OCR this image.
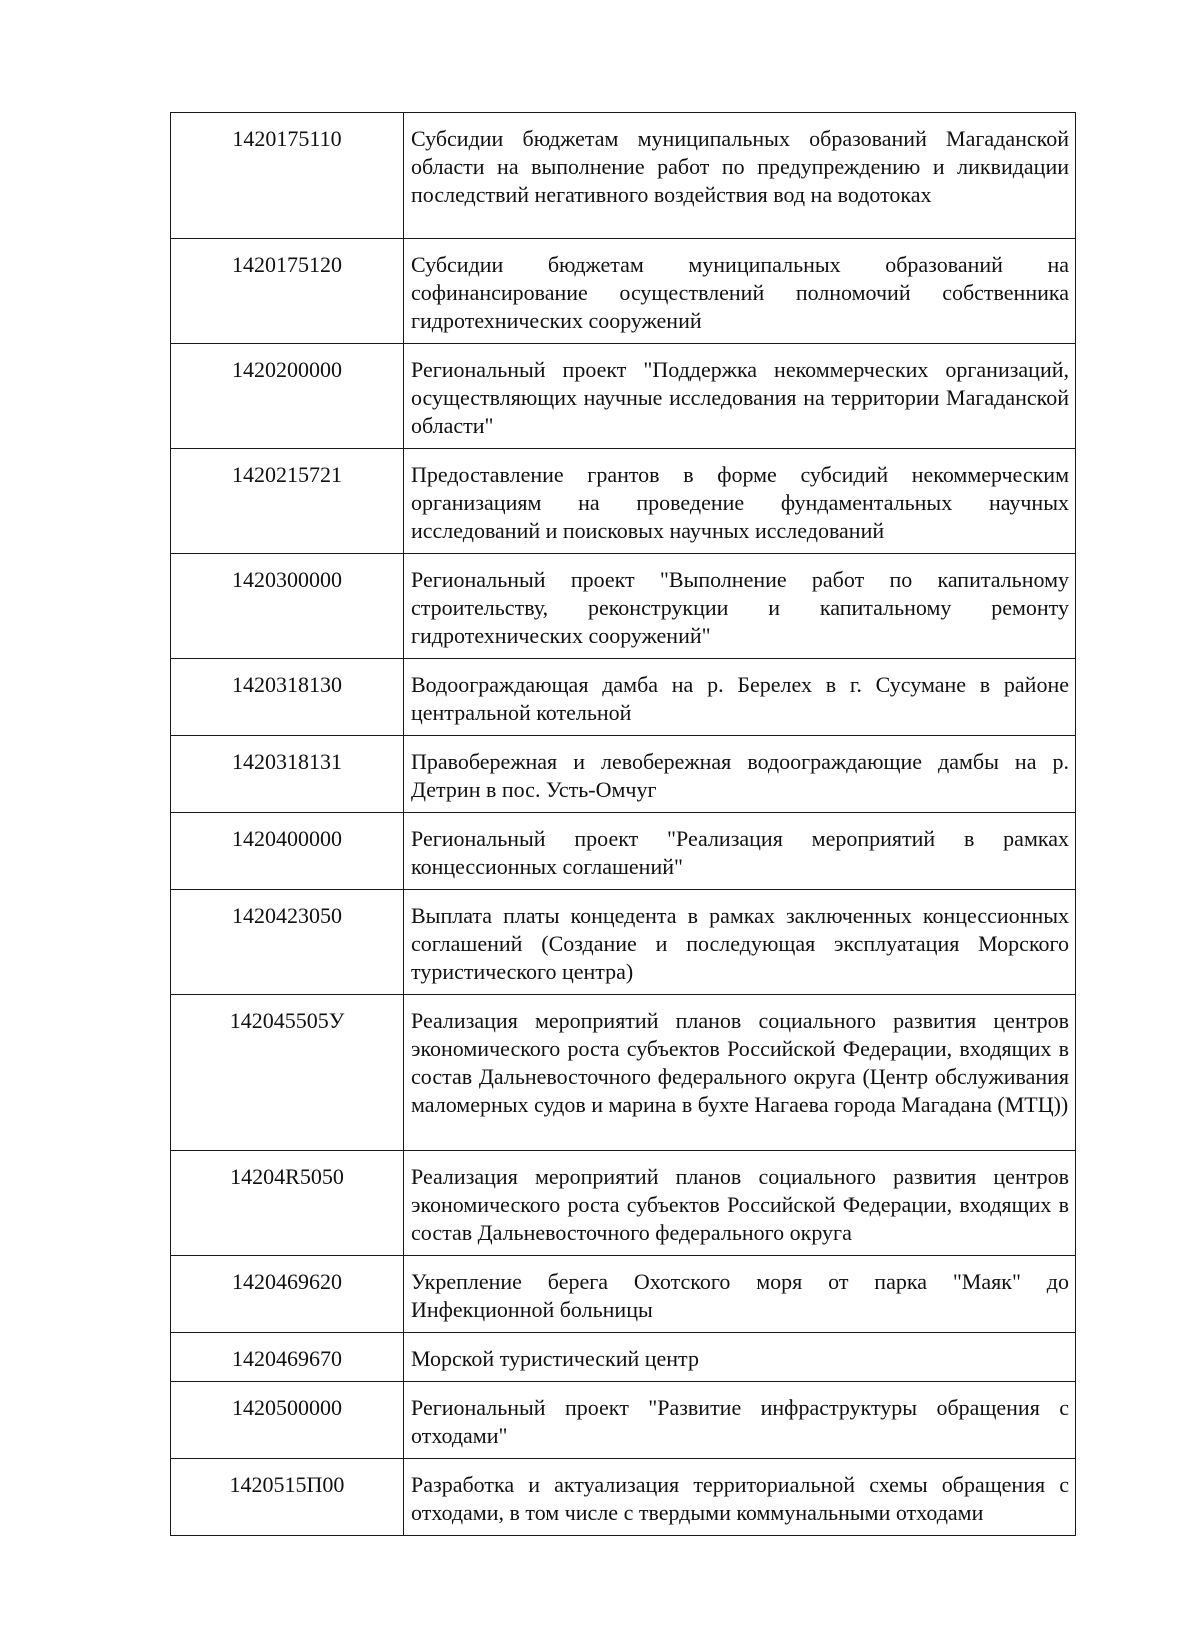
1420175110	Субсидии бюджетам муниципальных образований Магаданской области на выполнение работ по предупреждению и ликвидации последствий негативного воздействия вод на водотоках
1420175120	Субсидии бюджетам муниципальных образований на софинансирование осуществлений полномочий собственника гидротехнических сооружений
1420200000	Региональный проект "Поддержка некоммерческих организаций, осуществляющих научные исследования на территории Магаданской области"
1420215721	Предоставление грантов в форме субсидий некоммерческим организациям на проведение фундаментальных научных исследований и поисковых научных исследований
1420300000	Региональный проект "Выполнение работ по капитальному строительству, реконструкции и капитальному ремонту гидротехнических сооружений"
1420318130	Водоограждающая дамба на р. Берелех в г. Сусумане в районе центральной котельной
1420318131	Правобережная и левобережная водоограждающие дамбы на р. Детрин в пос. Усть-Омчуг
1420400000	Региональный проект "Реализация мероприятий в рамках концессионных соглашений"
1420423050	Выплата платы концедента в рамках заключенных концессионных соглашений (Создание и последующая эксплуатация Морского туристического центра)
142045505У	Реализация мероприятий планов социального развития центров экономического роста субъектов Российской Федерации, входящих в состав Дальневосточного федерального округа (Центр обслуживания маломерных судов и марина в бухте Нагаева города Магадана (МТЦ))
14204R5050	Реализация мероприятий планов социального развития центров экономического роста субъектов Российской Федерации, входящих в состав Дальневосточного федерального округа
1420469620	Укрепление берега Охотского моря от парка "Маяк" до Инфекционной больницы
1420469670	Морской туристический центр
1420500000	Региональный проект "Развитие инфраструктуры обращения с отходами"
1420515П00	Разработка и актуализация территориальной схемы обращения с отходами, в том числе с твердыми коммунальными отходами
